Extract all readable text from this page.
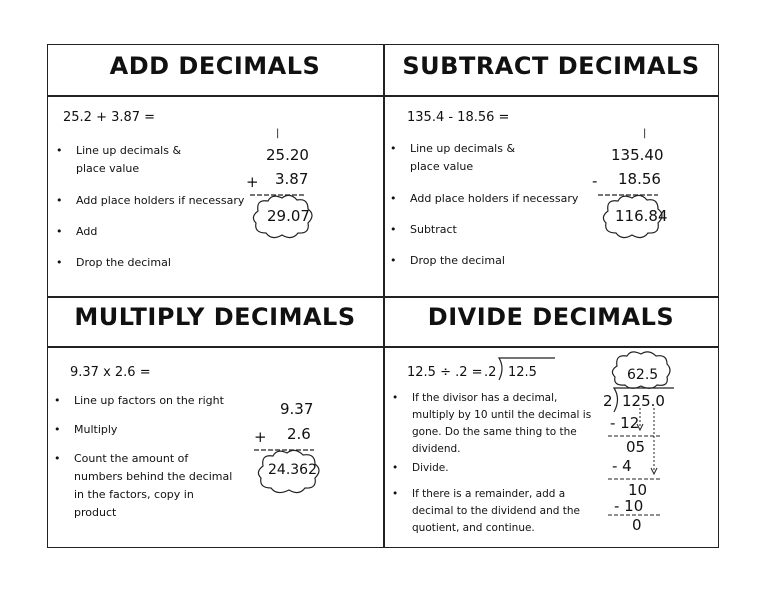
ADD DECIMALS
25.2 + 3.87 =
• Line up decimals &
place value
• Add place holders if necessary
• Add
• Drop the decimal
|
25.20
+ 3.87
29.07
SUBTRACT DECIMALS
135.4 - 18.56 =
• Line up decimals &
place value
• Add place holders if necessary
• Subtract
• Drop the decimal
|
135.40
- 18.56
116.84
MULTIPLY DECIMALS
9.37 x 2.6 =
• Line up factors on the right
• Multiply
• Count the amount of
numbers behind the decimal
in the factors, copy in
product
9.37
+ 2.6
24.362
DIVIDE DECIMALS
12.5 ÷ .2 = .2 12.5
• If the divisor has a decimal,
multiply by 10 until the decimal is
gone. Do the same thing to the
dividend.
• Divide.
• If there is a remainder, add a
decimal to the dividend and the
quotient, and continue.
62.5
2 125.0
- 12
05
- 4
10
- 10
0
